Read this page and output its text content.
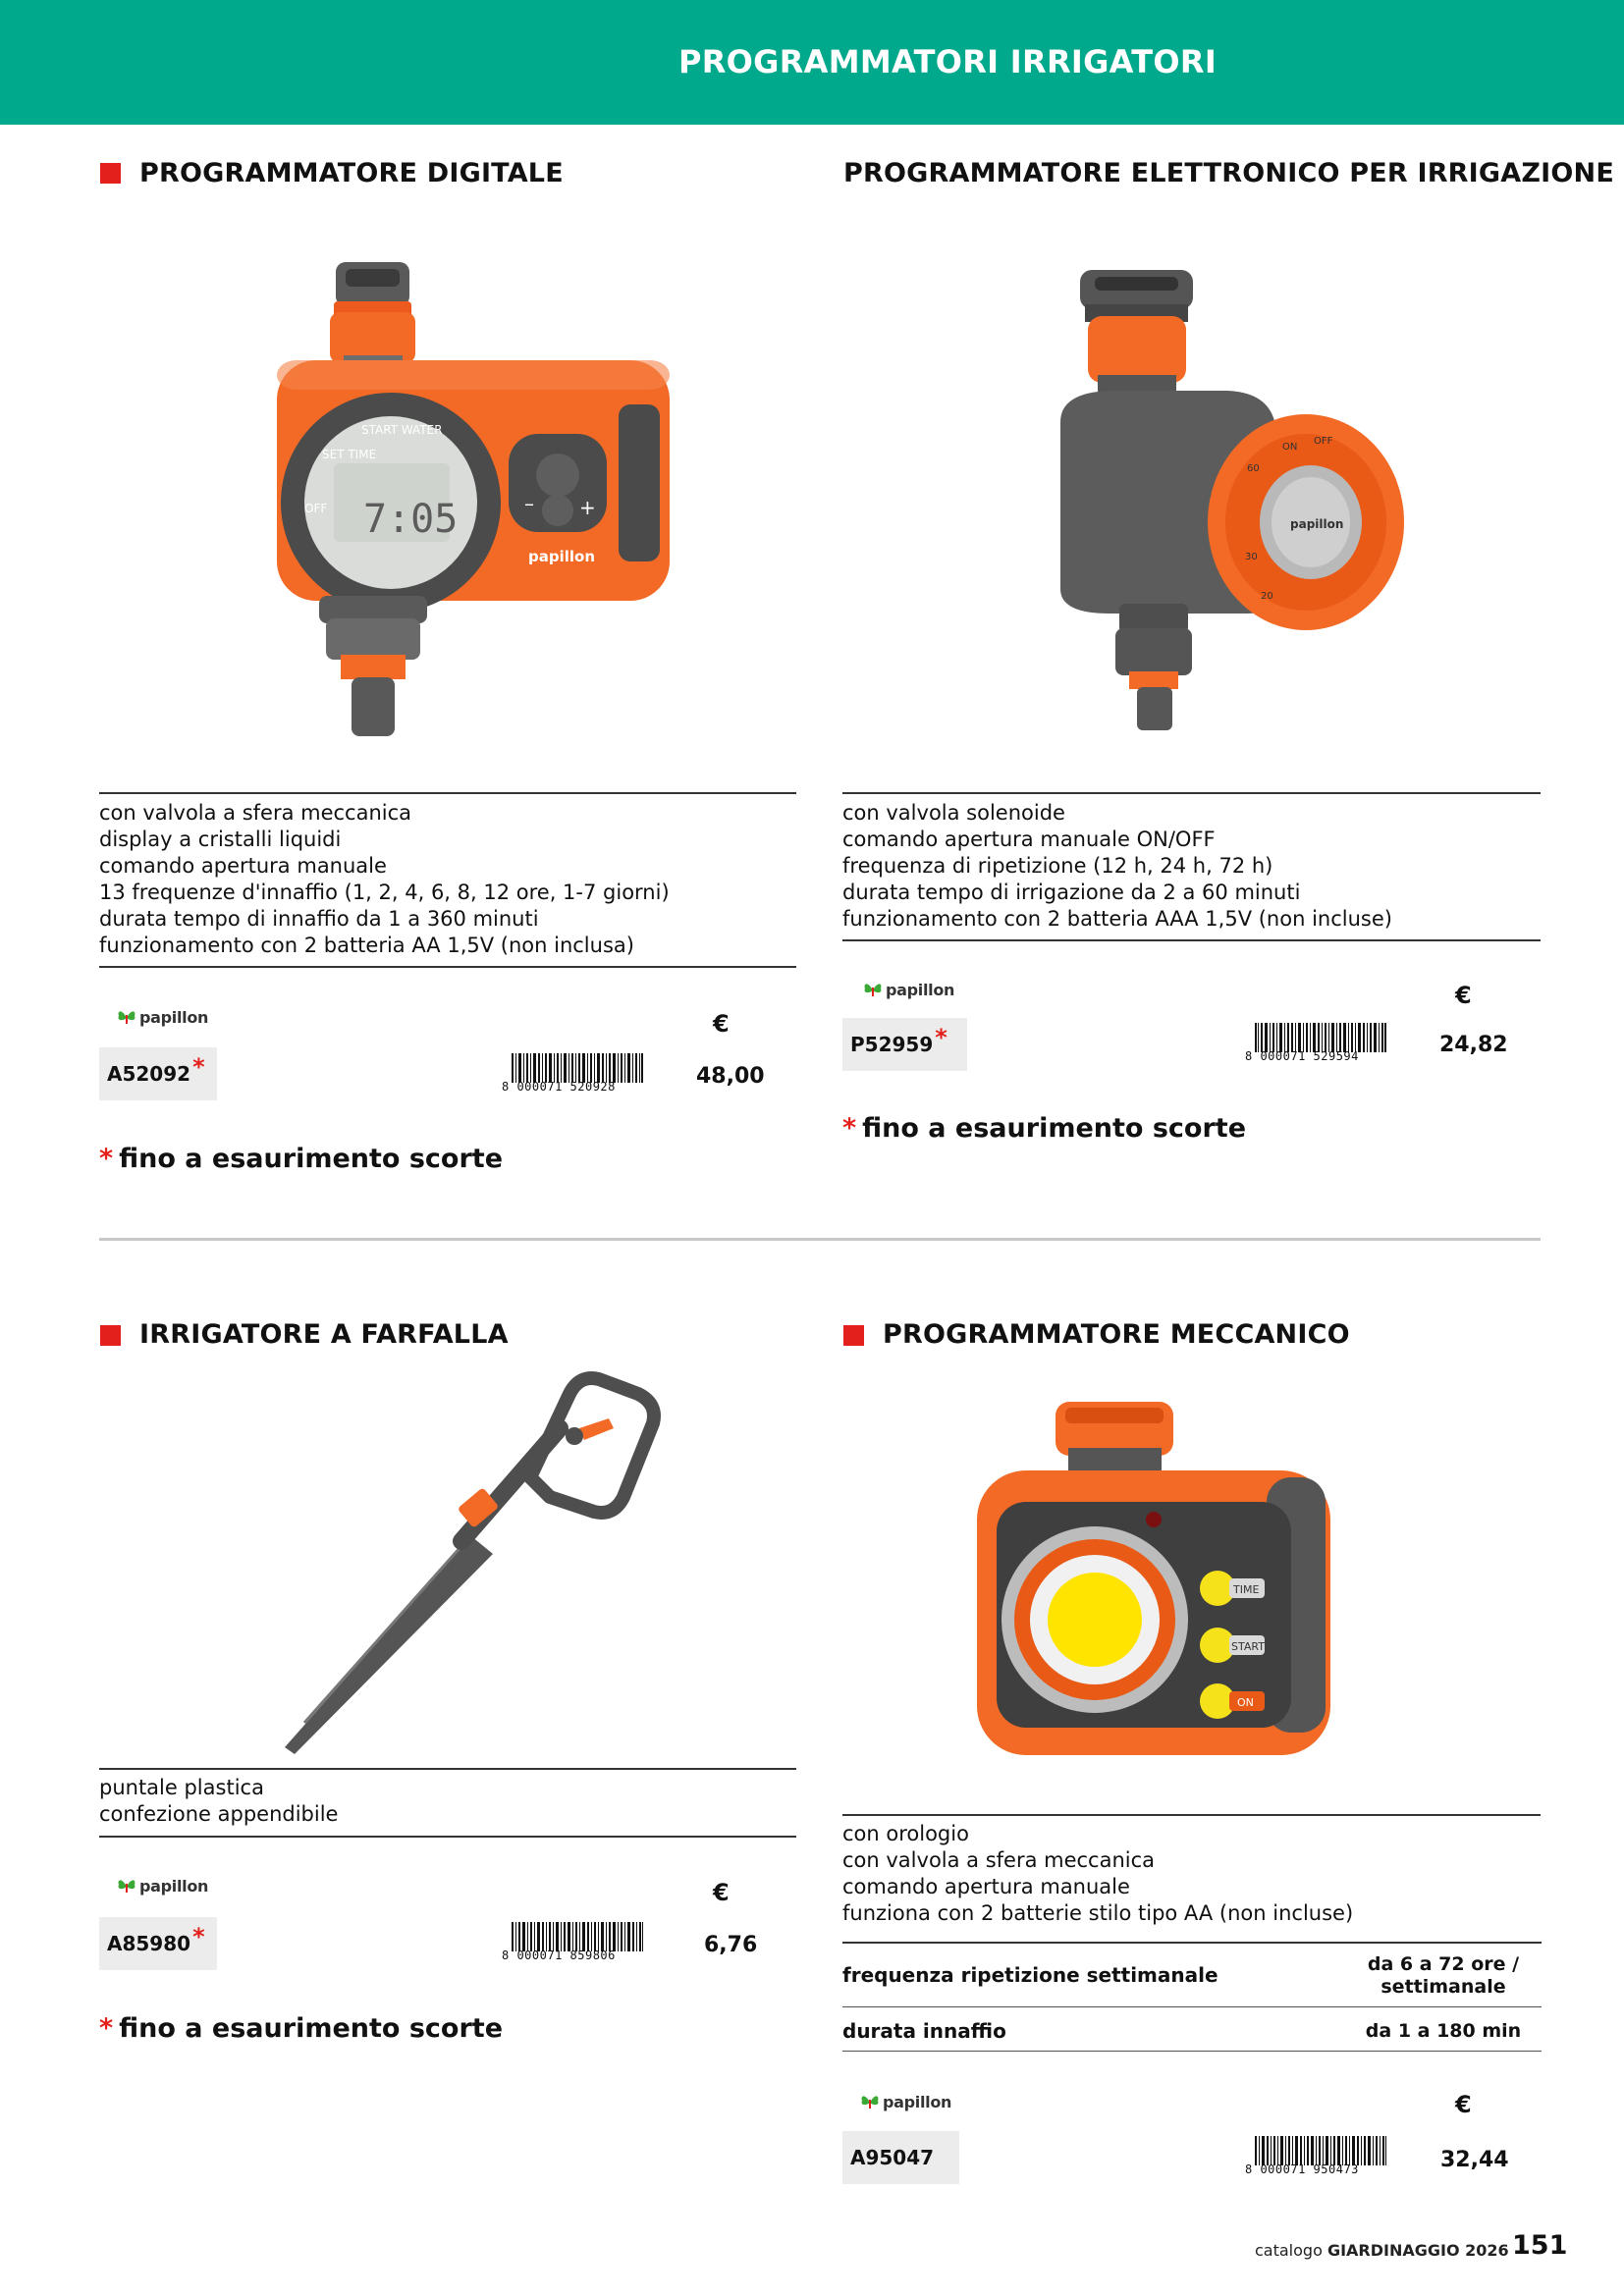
PROGRAMMATORI IRRIGATORI
PROGRAMMATORE DIGITALE
7:05
SET TIME
START WATER
OFF	– +
papillon
con valvola a sfera meccanica
display a cristalli liquidi
comando apertura manuale
13 frequenze d'innaffio (1, 2, 4, 6, 8, 12 ore, 1-7 giorni)
durata tempo di innaffio da 1 a 360 minuti
funzionamento con 2 batteria AA 1,5V (non inclusa)
papillon	€
A52092 *
8 000071 520928	48,00
* fino a esaurimento scorte
PROGRAMMATORE ELETTRONICO PER IRRIGAZIONE
papillon
60
ON
OFF
30
20
con valvola solenoide
comando apertura manuale ON/OFF
frequenza di ripetizione (12 h, 24 h, 72 h)
durata tempo di irrigazione da 2 a 60 minuti
funzionamento con 2 batteria AAA 1,5V (non incluse)
papillon	€
P52959 *
8 000071 529594	24,82
* fino a esaurimento scorte
IRRIGATORE A FARFALLA
puntale plastica
confezione appendibile
papillon	€
A85980 *
8 000071 859806	6,76
* fino a esaurimento scorte
PROGRAMMATORE MECCANICO
TIME
START
ON
con orologio
con valvola a sfera meccanica
comando apertura manuale
funziona con 2 batterie stilo tipo AA (non incluse)
frequenza ripetizione settimanale	da 6 a 72 ore /
settimanale
durata innaffio	da 1 a 180 min
papillon	€
A95047	8 000071 950473	32,44
catalogo GIARDINAGGIO 2026 151
